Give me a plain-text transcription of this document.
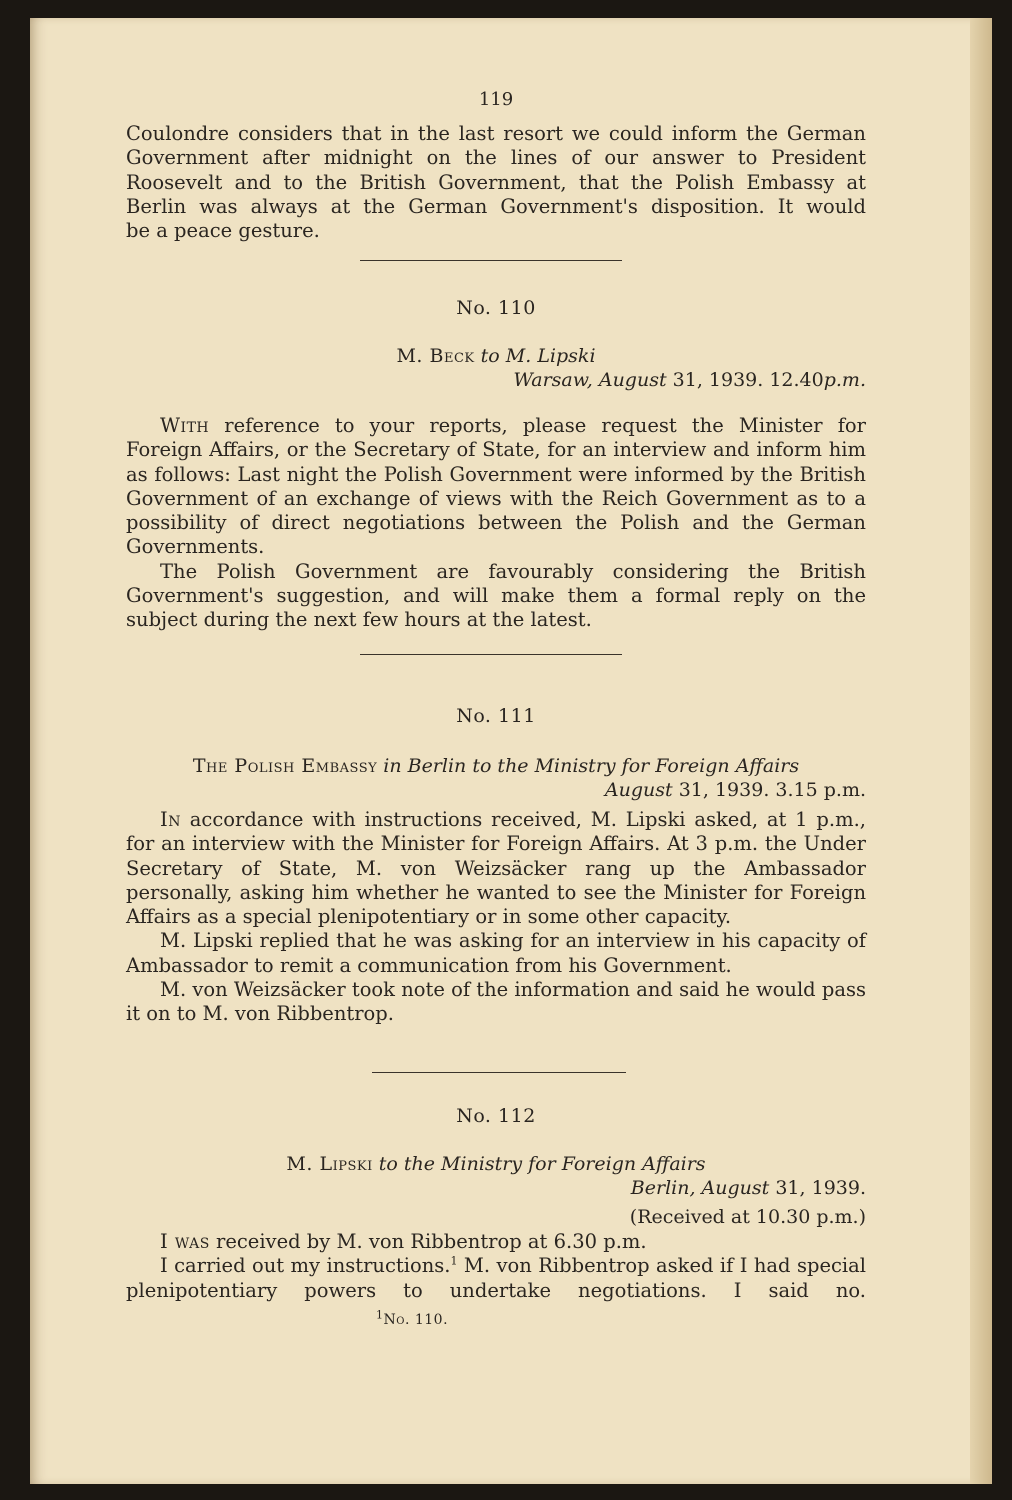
119

Coulondre considers that in the last resort we could inform the German

Government after midnight on the lines of our answer to President

Roosevelt and to the British Government, that the Polish Embassy at

Berlin was always at the German Government's disposition. It would

be a peace gesture.

No. 110
M. Beck to M. Lipski
Warsaw, August 31, 1939. 12.40p.m.

With reference to your reports, please request the Minister for Foreign Affairs, or the Secretary of State, for an interview and inform him as follows: Last night the Polish Government were informed by the British Government of an exchange of views with the Reich Government as to a possibility of direct negotiations between the Polish and the German Governments.

The Polish Government are favourably considering the British Government's suggestion, and will make them a formal reply on the subject during the next few hours at the latest.

No. 111
The Polish Embassy in Berlin to the Ministry for Foreign Affairs
August 31, 1939. 3.15 p.m.

In accordance with instructions received, M. Lipski asked, at 1 p.m., for an interview with the Minister for Foreign Affairs. At 3 p.m. the Under Secretary of State, M. von Weizsäcker rang up the Ambassador personally, asking him whether he wanted to see the Minister for Foreign Affairs as a special plenipotentiary or in some other capacity.

M. Lipski replied that he was asking for an interview in his capacity of Ambassador to remit a communication from his Government.

M. von Weizsäcker took note of the information and said he would pass it on to M. von Ribbentrop.

No. 112
M. Lipski to the Ministry for Foreign Affairs
Berlin, August 31, 1939.
(Received at 10.30 p.m.)

I was received by M. von Ribbentrop at 6.30 p.m.

I carried out my instructions.$^1$ M. von Ribbentrop asked if I had special plenipotentiary powers to undertake negotiations. I said no.

$^1$No. 110.
